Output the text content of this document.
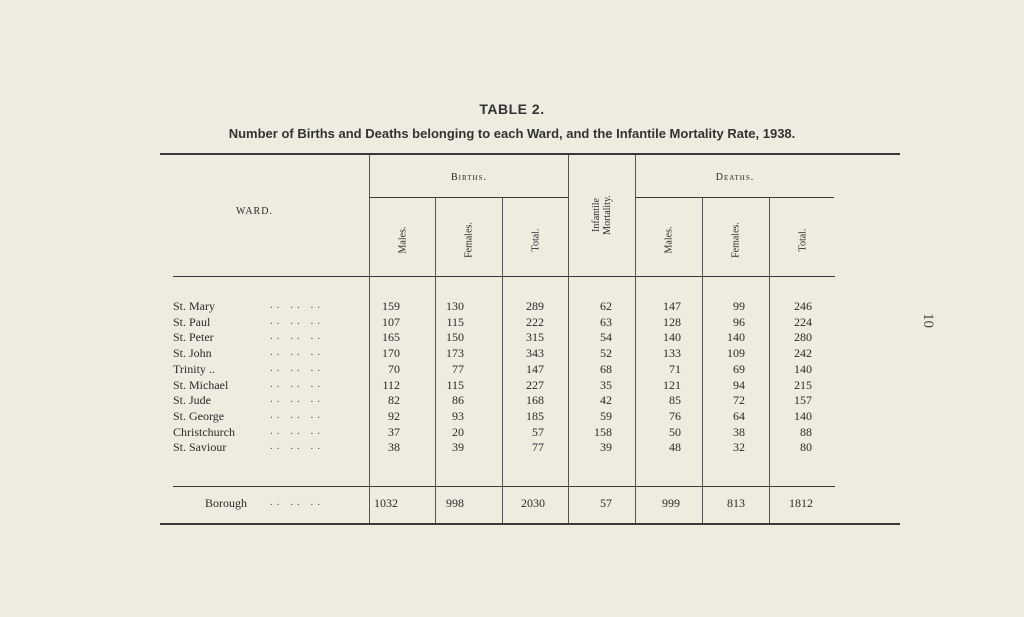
10
TABLE 2.
Number of Births and Deaths belonging to each Ward, and the Infantile Mortality Rate, 1938.
WARD.
Births.	Deaths.
Infantile Mortality.
Males.	Females.	Total.	Males.	Females.	Total.
St. Mary	.. .. ..	159	130	289	62	147	99	246
St. Paul	.. .. ..	107	115	222	63	128	96	224
St. Peter	.. .. ..	165	150	315	54	140	140	280
St. John	.. .. ..	170	173	343	52	133	109	242
Trinity ..	.. .. ..	70	77	147	68	71	69	140
St. Michael	.. .. ..	112	115	227	35	121	94	215
St. Jude	.. .. ..	82	86	168	42	85	72	157
St. George	.. .. ..	92	93	185	59	76	64	140
Christchurch	.. .. ..	37	20	57	158	50	38	88
St. Saviour	.. .. ..	38	39	77	39	48	32	80
Borough .. .. ..	1032	998	2030	57	999	813	1812
